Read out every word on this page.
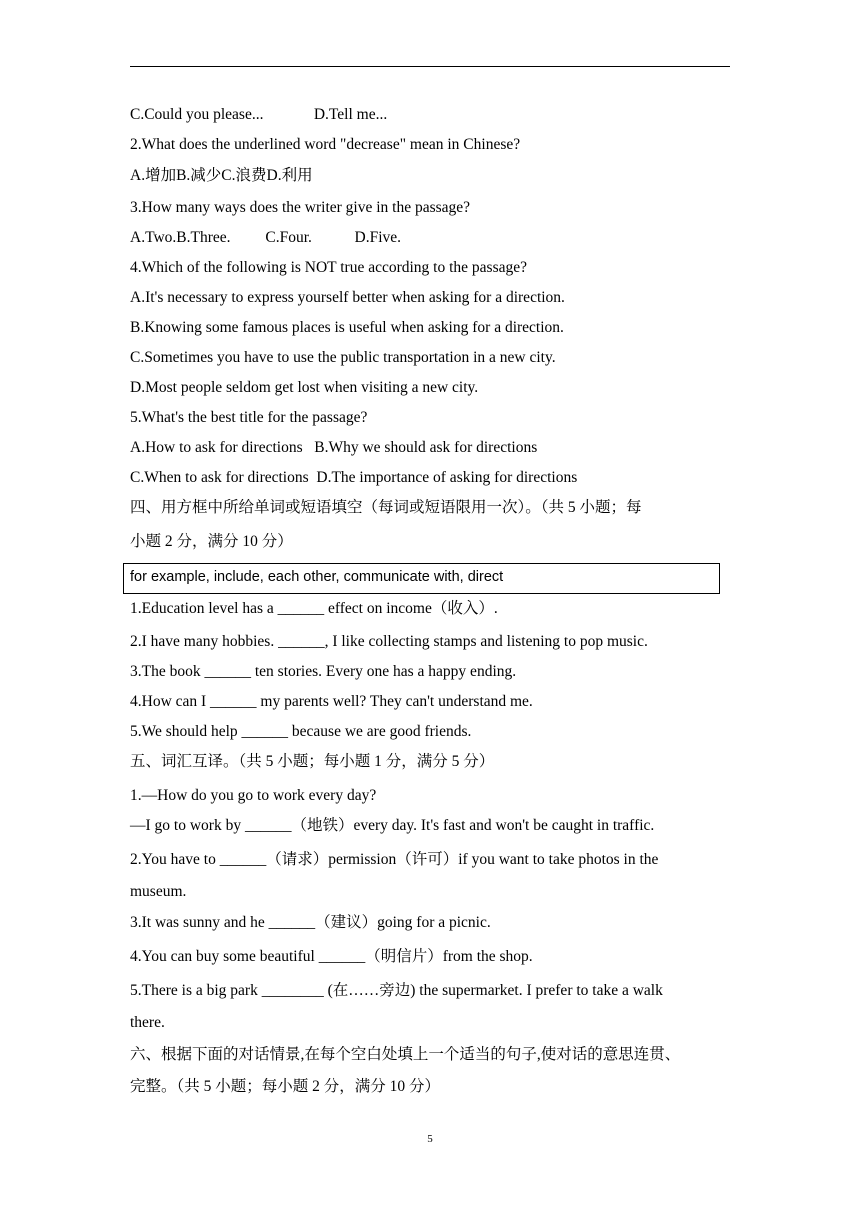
C.Could you please...             D.Tell me...
2.What does the underlined word "decrease" mean in Chinese?
A.增加B.减少C.浪费D.利用
3.How many ways does the writer give in the passage?
A.Two.B.Three.         C.Four.           D.Five.
4.Which of the following is NOT true according to the passage?
A.It's necessary to express yourself better when asking for a direction.
B.Knowing some famous places is useful when asking for a direction.
C.Sometimes you have to use the public transportation in a new city.
D.Most people seldom get lost when visiting a new city.
5.What's the best title for the passage?
A.How to ask for directions   B.Why we should ask for directions
C.When to ask for directions  D.The importance of asking for directions
四、用方框中所给单词或短语填空（每词或短语限用一次）。（共 5 小题；每
小题 2 分，满分 10 分）
for example, include, each other, communicate with, direct
1.Education level has a ______ effect on income（收入）.
2.I have many hobbies. ______, I like collecting stamps and listening to pop music.
3.The book ______ ten stories. Every one has a happy ending.
4.How can I ______ my parents well? They can't understand me.
5.We should help ______ because we are good friends.
五、词汇互译。（共 5 小题；每小题 1 分，满分 5 分）
1.—How do you go to work every day?
—I go to work by ______（地铁）every day. It's fast and won't be caught in traffic.
2.You have to ______（请求）permission（许可）if you want to take photos in the
museum.
3.It was sunny and he ______（建议）going for a picnic.
4.You can buy some beautiful ______（明信片）from the shop.
5.There is a big park ________ (在……旁边) the supermarket. I prefer to take a walk
there.
六、根据下面的对话情景,在每个空白处填上一个适当的句子,使对话的意思连贯、
完整。（共 5 小题；每小题 2 分，满分 10 分）
5
